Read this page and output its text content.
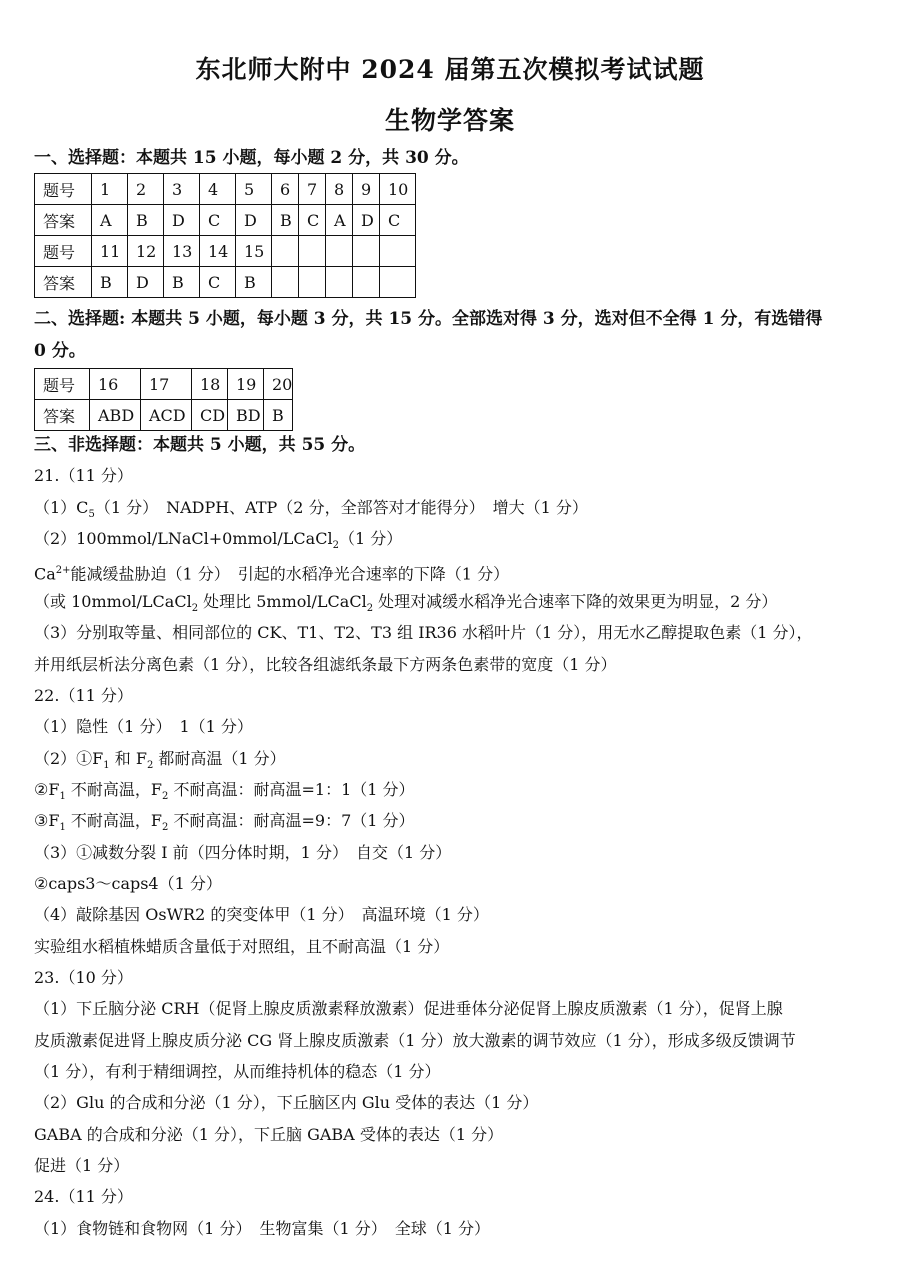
东北师大附中 2024 届第五次模拟考试试题
生物学答案
一、选择题：本题共 15 小题，每小题 2 分，共 30 分。
题号	1	2	3	4	5	6	7	8	9	10
答案	A	B	D	C	D	B	C	A	D	C
题号	11	12	13	14	15					
答案	B	D	B	C	B					
二、选择题: 本题共 5 小题，每小题 3 分，共 15 分。全部选对得 3 分，选对但不全得 1 分，有选错得
0 分。
题号	16	17	18	19	20
答案	ABD	ACD	CD	BD	B
三、非选择题：本题共 5 小题，共 55 分。
21.（11 分）
$(1)C_5(1$ 分）　NADPH、ATP（2 分，全部答对才能得分）　增大（1 分）
（2）100mmol/LNaCl+0mmol/LCaCl$_2$（1 分）
$Ca^{2+}$能减缓盐胁迫（1 分）　引起的水稻净光合速率的下降（1 分）
（或 10mmol/LCaCl$_2$ 处理比 5mmol/LCaCl$_2$ 处理对减缓水稻净光合速率下降的效果更为明显，2 分）
（3）分别取等量、相同部位的 CK、T1、T2、T3 组 IR36 水稻叶片（1 分），用无水乙醇提取色素（1 分），
并用纸层析法分离色素（1 分），比较各组滤纸条最下方两条色素带的宽度（1 分）
22.（11 分）
（1）隐性（1 分）　1（1 分）
$(2)①F_1$ 和 $F_2$ 都耐高温（1 分）
$②F_1$ 不耐高温，$F_2$ 不耐高温：耐高温=1：1（1 分）
$③F_1$ 不耐高温，$F_2$ 不耐高温：耐高温=9：7（1 分）
（3）①减数分裂 I 前（四分体时期，1 分）　自交（1 分）
②caps3～caps4（1 分）
（4）敲除基因 OsWR2 的突变体甲（1 分）　高温环境（1 分）
实验组水稻植株蜡质含量低于对照组，且不耐高温（1 分）
23.（10 分）
（1）下丘脑分泌 CRH（促肾上腺皮质激素释放激素）促进垂体分泌促肾上腺皮质激素（1 分），促肾上腺
皮质激素促进肾上腺皮质分泌 CG 肾上腺皮质激素（1 分）放大激素的调节效应（1 分），形成多级反馈调节
（1 分），有利于精细调控，从而维持机体的稳态（1 分）
（2）Glu 的合成和分泌（1 分），下丘脑区内 Glu 受体的表达（1 分）
GABA 的合成和分泌（1 分），下丘脑 GABA 受体的表达（1 分）
促进（1 分）
24.（11 分）
（1）食物链和食物网（1 分）　生物富集（1 分）　全球（1 分）
